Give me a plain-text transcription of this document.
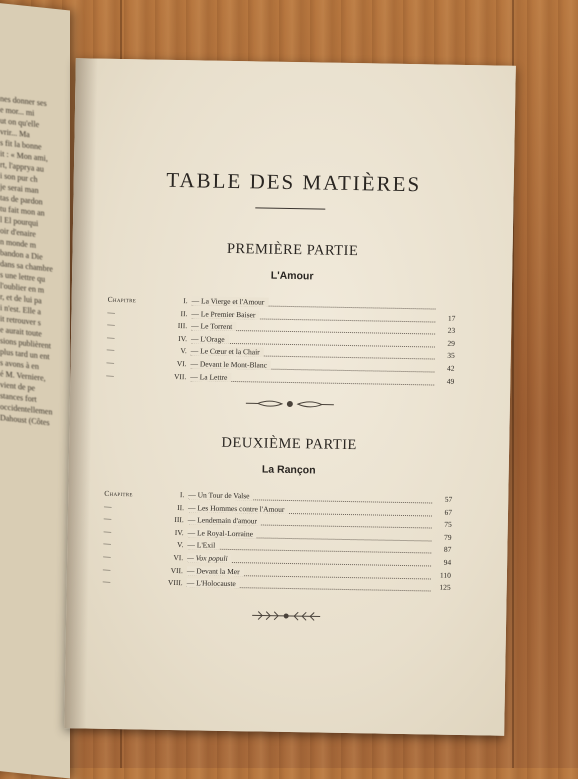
nes donner ses
e mor... mi
ut on qu'elle
vrir... Ma
s fit la bonne
it : « Mon ami,
rt, l'apprya au
i son pur ch
je serai man
tas de pardon
tu fait mon an
l El pourqui
oir d'enaire
n monde m
bandon a Die
dans sa chambre
s une lettre qu
l'oublier en m
r, et de lui pa
i n'est. Elle a
it retrouver s
e aurait toute
sions publièrent
plus tard un ent
s avons à en
é M. Verniere,
vient de pe
stances fort
occidentellemen
Dahoust (Côtes
TABLE DES MATIÈRES
PREMIÈRE PARTIE
L'Amour
Chapitre	I. — La Vierge et l'Amour
—	II. — Le Premier Baiser	17
—	III. — Le Torrent	23
—	IV. — L'Orage	29
—	V. — Le Cœur et la Chair	35
—	VI. — Devant le Mont-Blanc	42
—	VII. — La Lettre	49
DEUXIÈME PARTIE
La Rançon
Chapitre	I. — Un Tour de Valse	57
—	II. — Les Hommes contre l'Amour	67
—	III. — Lendemain d'amour	75
—	IV. — Le Royal-Lorraine	79
—	V. — L'Exil	87
—	VI. — Vox populi	94
—	VII. — Devant la Mer	110
—	VIII. — L'Holocauste	125
